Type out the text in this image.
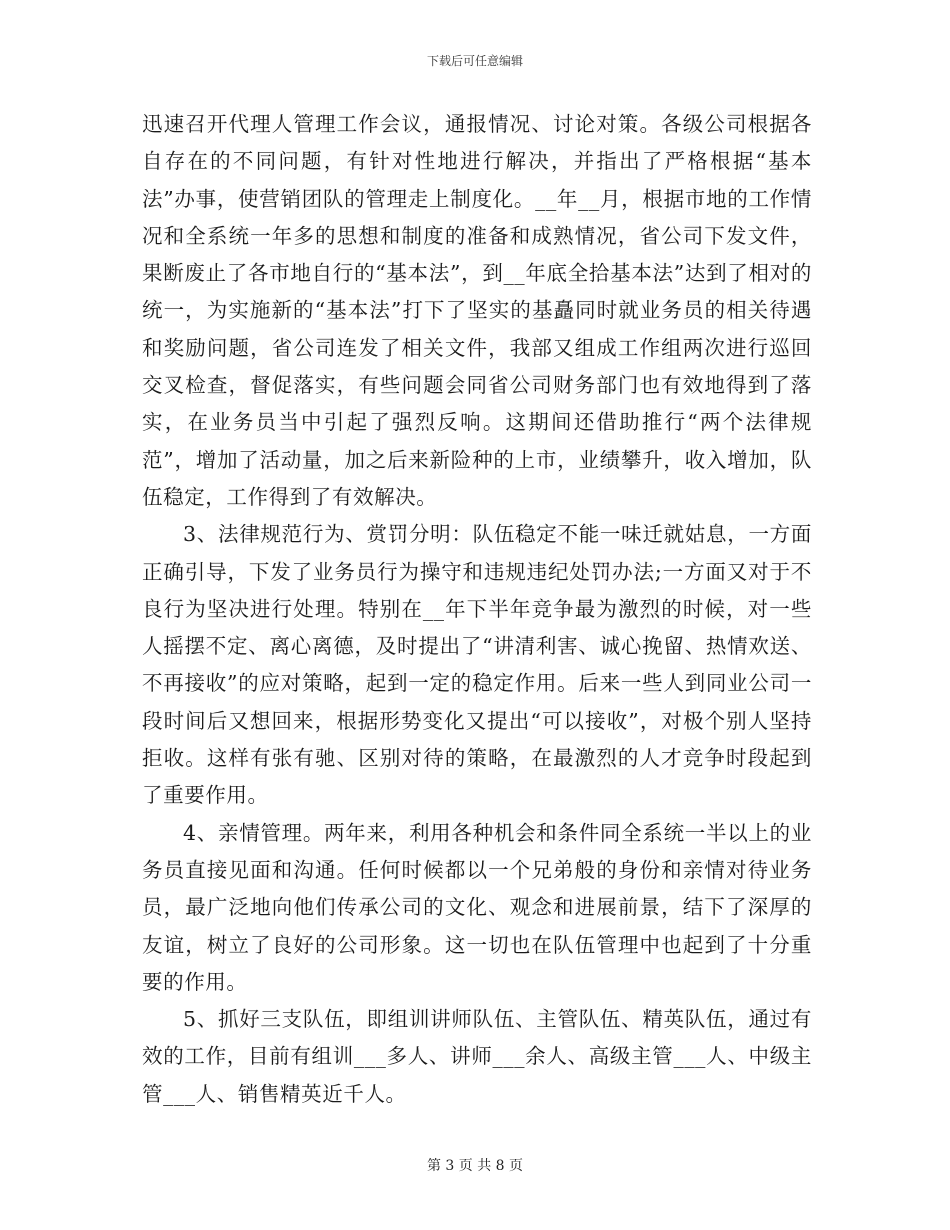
下载后可任意编辑

迅速召开代理人管理工作会议，通报情况、讨论对策。各级公司根据各自存在的不同问题，有针对性地进行解决，并指出了严格根据“基本法”办事，使营销团队的管理走上制度化。__年__月，根据市地的工作情况和全系统一年多的思想和制度的准备和成熟情况，省公司下发文件，果断废止了各市地自行的“基本法”，到__年底全拾基本法”达到了相对的统一，为实施新的“基本法”打下了坚实的基矗同时就业务员的相关待遇和奖励问题，省公司连发了相关文件，我部又组成工作组两次进行巡回交叉检查，督促落实，有些问题会同省公司财务部门也有效地得到了落实，在业务员当中引起了强烈反响。这期间还借助推行“两个法律规范”，增加了活动量，加之后来新险种的上市，业绩攀升，收入增加，队伍稳定，工作得到了有效解决。

3、法律规范行为、赏罚分明：队伍稳定不能一味迁就姑息，一方面正确引导，下发了业务员行为操守和违规违纪处罚办法;一方面又对于不良行为坚决进行处理。特别在__年下半年竞争最为激烈的时候，对一些人摇摆不定、离心离德，及时提出了“讲清利害、诚心挽留、热情欢送、不再接收”的应对策略，起到一定的稳定作用。后来一些人到同业公司一段时间后又想回来，根据形势变化又提出“可以接收”，对极个别人坚持拒收。这样有张有驰、区别对待的策略，在最激烈的人才竞争时段起到了重要作用。

4、亲情管理。两年来，利用各种机会和条件同全系统一半以上的业务员直接见面和沟通。任何时候都以一个兄弟般的身份和亲情对待业务员，最广泛地向他们传承公司的文化、观念和进展前景，结下了深厚的友谊，树立了良好的公司形象。这一切也在队伍管理中也起到了十分重要的作用。

5、抓好三支队伍，即组训讲师队伍、主管队伍、精英队伍，通过有效的工作，目前有组训___多人、讲师___余人、高级主管___人、中级主管___人、销售精英近千人。

第 3 页 共 8 页
